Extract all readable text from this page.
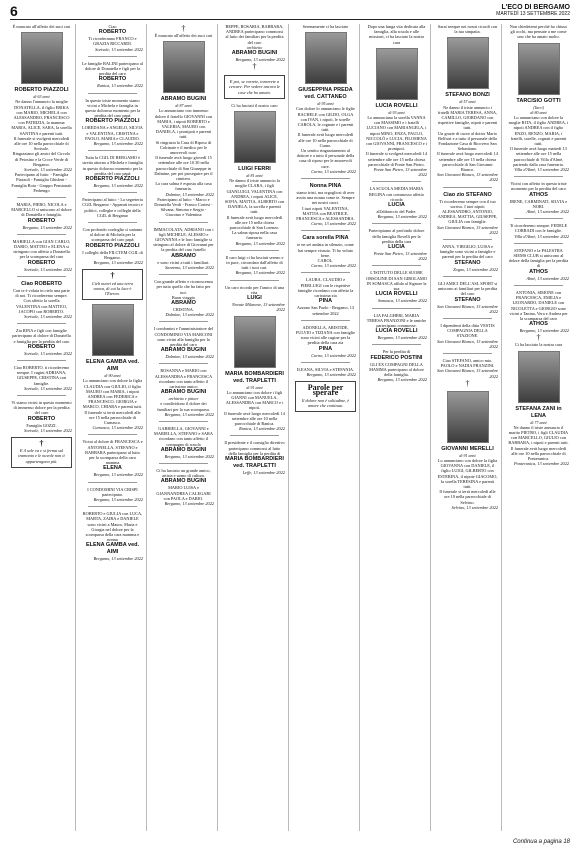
6	L'ECO DI BERGAMO
MARTEDÌ 13 SETTEMBRE 2022

È mancato all'affetto dei suoi cari

ROBERTO PIAZZOLI
di 63 anni

Ne danno l'annuncio la moglie DONATELLA, il figlio ERIKA con MARIO, MICHELA con ALESSANDRO, FRANCESCO con PATRIZIA, la mamma MARIA, ALICE, SARA, la sorella SANTINA e parenti tutti.

Il funerale si svolgerà mercoledì alle ore 10 nella parrocchiale di Sorisole.

Ringraziano gli amici del Circolo di Petosino e la Croce Verde di Bergamo.

Sorisole, 13 settembre 2022

Partecipano al lutto: - Famiglia Piazzoli - Famiglia Ghisleni - Famiglia Rota - Gruppo Pensionati Pedrengo

MARIA, PIERO, NICOLA e MARCELLO si uniscono al dolore di Donatella e famiglia.

ROBERTO

Bergamo, 13 settembre 2022

MARIELLA con GIAN CARLO, DARIO, MATTEO e ELENA si stringono con affetto a Donatella per la scomparsa del caro

ROBERTO

Sorisole, 13 settembre 2022

Ciao ROBERTO

Con te è volata in cielo una parte di noi. Ti ricorderemo sempre.

Con affetto la sorella VALENTINA con MATTEO, JACOPO con ROBERTO.

Sorisole, 13 settembre 2022

Zia RINA e figli con famiglie partecipano al dolore di Donatella e famiglia per la perdita del caro

ROBERTO

Sorisole, 13 settembre 2022

Ciao ROBERTO, ti ricorderemo sempre. I cugini ADRIANA, GIUSEPPE, CRISTINA con famiglie.

Sorisole, 13 settembre 2022

Vi siamo vicini in questo momento di immenso dolore per la perdita del caro

ROBERTO

Famiglia GOZZI.

Sorisole, 13 settembre 2022

†
E il sole va e si ferma sul tramonto e le nuvole non ti appartengono più.

Ciao

ROBERTO

Ti ricorderanno FRANCO e GRAZIA RICCARDI.

Sorisole, 13 settembre 2022

Le famiglie BALINI partecipano al dolore di Donatella e figli per la perdita del caro

ROBERTO

Ranica, 13 settembre 2022

In questo triste momento siamo vicini a Michela e famiglia in questo doloroso momento per la perdita del caro papà

ROBERTO PIAZZOLI

LOREDANA e ANGELO, SILVIA e VALENTINA, CRISTINA e PAOLO, MARIA e CLAUDIO.

Bergamo, 13 settembre 2022

Tutta la CGIL DI BERGAMO è stretta attorno a Michela e famiglia in questo doloroso momento per la perdita del caro papà

ROBERTO PIAZZOLI

Bergamo, 13 settembre 2022

Partecipano al lutto: - La segreteria CGIL Bergamo - Apparati tecnici e politici, colleghe e colleghi della CGIL di Bergamo

Con profondo cordoglio ci uniamo al dolore di Michela per la scomparsa del caro papà

ROBERTO PIAZZOLI

I colleghi della FILCTEM CGIL di Bergamo.

Bergamo, 13 settembre 2022

†
Cieli nuovi ed una terra nuova, di cui la luce è l'Eterno.
ELENA GAMBA ved. AIMI
di 90 anni

Lo annunciano con dolore la figlia CLAUDIA con GIULIO, il figlio MAURO con MARIA, i nipoti ANDREA con FEDERICA e FRANCESCO, GIORGIA e MARCO, CHIARA e parenti tutti.

Il funerale si terrà mercoledì alle ore 15 nella parrocchiale di Curnasco.

Curnasco, 13 settembre 2022

Vicini al dolore di FRANCESCA e ANTONELLA, STEFANO e BARBARA partecipano al lutto per la scomparsa della cara mamma

ELENA

Bergamo, 13 settembre 2022

I CONDOMINI VIA CRISPI partecipano.

Bergamo, 13 settembre 2022

ROBERTO e GIULIA con LUCA, MARTA, ZAIRA e DANIELE sono vicini a Mauro, Maria e Giorgia nel dolore per la scomparsa della cara mamma e nonna

ELENA GAMBA ved. AIMI

Bergamo, 13 settembre 2022

†

È mancato all'affetto dei suoi cari

ABRAMO BUGINI
di 87 anni

Lo annunciano con immenso dolore il fratello GIOVANNI con MARIA, i nipoti ROBERTO e VALERIA, MAURO con DANIELA, i pronipoti e parenti tutti.

Si ringrazia la Casa di Riposo di Calcinate e il medico per le amorevoli cure.

Il funerale avrà luogo giovedì 15 settembre alle ore 10.30 nella parrocchiale di San Giuseppe in Dalmine, per poi proseguire per il cimitero.

La cara salma è esposta alla casa funeraria.

Dalmine, 13 settembre 2022

Partecipano al lutto: - Marco e Donatella Verdi - Franco Cortesi - Silvana, Simona e Sergio - Giacomo e Valentina

IMMACOLATA, ADRIANO con i figli MICHELE, ALESSIO e GIOVANNA e le loro famiglie si stringono al dolore di Giovanni per la perdita del caro fratello

ABRAMO

e sono vicini a tutti i familiari.

Sanremo, 13 settembre 2022

Con grande affetto e riconoscenza per tutto quello che ha fatto per noi.

Buon viaggio

ABRAMO

CRISTINA.

Dalmine, 13 settembre 2022

I condomini e l'amministratore del CONDOMINIO VIA MARCONI sono vicini alla famiglia per la perdita del caro

ABRAMO BUGINI

Dalmine, 13 settembre 2022

ROSANNA e MARIO con ALESSANDRA e FRANCESCA ricordano con tanto affetto il carissimo amico

ABRAMO BUGINI
architetto e pittore

e condividono il dolore dei familiari per la sua scomparsa.

Bergamo, 13 settembre 2022

GABRIELLA, GIOVANNI e MARIELLA, STEFANO e SARA ricordano con tanto affetto il compagno di scuola

ABRAMO BUGINI

Bergamo, 13 settembre 2022

Ci ha lasciato un grande amico, artista e uomo di cultura.

ABRAMO BUGINI

MARIO LUISA e GIANNANDREA CALEGARI con PAOLA e DARIO.

Bergamo, 13 settembre 2022

BEPPE, ROSARIA, BARBARA, ANDREA partecipano commossi al lutto dei familiari per la perdita del caro

architetto
ABRAMO BUGINI

Bergamo, 13 settembre 2022

†
E poi, se vorrete, tornerete a cercare. Per vedere ancora le cose che ho amato.

Ci ha lasciati il nostro caro

LUIGI FERRI
di 81 anni

Ne danno il triste annuncio la moglie CLARA, i figli GIANLUIGI, VALENTINA con ANDREA, i nipoti ALICE, SOFIA, MATTIA, ALBERTO con DANIELA, la sorella e parenti tutti.

Il funerale avrà luogo mercoledì alle ore 15 nella chiesa parrocchiale di San Lorenzo.

La salma riposa nella casa funeraria.

Bergamo, 13 settembre 2022

Il caro luigi ci ha lasciati sereno e in pace, circondato dall'affetto di tutti i suoi cari.

Bergamo, 13 settembre 2022

Un caro ricordo per l'amico di una vita.

LUIGI

Novate Milanese, 13 settembre 2022

MARIA BOMBARDIERI ved. TRAPLETTI
di 91 anni

Lo annunciano con dolore i figli GIANNI con MANUELA, ALESSANDRA con MARCO e i nipoti.

Il funerale avrà luogo mercoledì 14 settembre alle ore 10 nella parrocchiale di Ranica.

Ranica, 13 settembre 2022

Il presidente e il consiglio direttivo partecipano commossi al lutto della famiglia per la perdita di

MARIA BOMBARDIERI ved. TRAPLETTI

Leffe, 13 settembre 2022

Serenamente ci ha lasciato

GIUSEPPINA PREDA ved. CATTANEO
di 95 anni

Con dolore lo annunciano le figlie RACHELE con GILDO, OLGA con IVAN, i nipoti, le sorelle CAROLA, le cognate e i parenti tutti.

Il funerale avrà luogo mercoledì alle ore 10 nella parrocchiale di Curno.

Un sentito ringraziamento al dottore e a tutto il personale della casa di riposo per le amorevoli cure.

Curno, 13 settembre 2022

Nonna PINA

siamo tristi, ma orgogliosi di aver avuto una nonna come te. Sempre nei nostri cuori.

I tuoi nipoti VALENTINA, MATTIA con BEATRICE, FRANCESCA e ALESSANDRA.

Curno, 13 settembre 2022

Cara sorella PINA

te ne sei andata in silenzio, come hai sempre vissuto. Ti ho voluto bene.

CAROL.

Curno, 13 settembre 2022

LAURA, CLAUDIO e PIERLUIGI con le rispettive famiglie ricordano con affetto la carissima zia

PINA

Azzano San Paolo - Bergamo, 13 settembre 2022

ADONELLA, ARISTIDE, FULVIO e TIZIANA con famiglie sono vicini alle cugine per la perdita della cara zia

PINA

Curno, 13 settembre 2022

ILEANA, SILVIA e STEFANIA.

Bergamo, 13 settembre 2022

Parole per sperare
Il dolore non è solitudine, è amore che continua.

Dopo una lunga vita dedicata alla famiglia, alla scuola e alle missioni, ci ha lasciato la nostra cara

LUCIA ROVELLI
di 93 anni

Lo annunciano la sorella VANNA con MASSIMO e i fratelli LUCIANO con MARIANGELA, i nipoti MINO, ENZA, PAULO, NICCOLÒ e LUCIA, FILOMENA con GIOVANNI, FRANCESCO e i pronipoti.

Il funerale si svolgerà mercoledì 14 settembre alle ore 15 nella chiesa parrocchiale di Ponte San Pietro.

Ponte San Pietro, 13 settembre 2022

LA SCUOLA MEDIA MARIA REGINA con commosso affetto ricorda

LUCIA

all'abbraccio del Padre.

Bergamo, 13 settembre 2022

Partecipiamo al profondo dolore della famiglia Rovelli per la perdita della cara

LUCIA

Ponte San Pietro, 13 settembre 2022

L'ISTITUTO DELLE SUORE ORSOLINE DI SAN GIROLAMO IN SOMASCA affida al Signore la sua

LUCIA ROVELLI

Somasca, 13 settembre 2022

LIA FALGHERI, MARIA TERESA FRANZONI e le amiche partecipano commosse.

LUCIA ROVELLI

Bergamo, 13 settembre 2022

Per la perdita di

FEDERICO POSTINI

GLI EX COMPAGNI DELLA MAMMA partecipano al dolore della famiglia.

Bergamo, 13 settembre 2022

Sarai sempre nei nostri ricordi con la tua simpatia.

STEFANO BONZI
di 57 anni

Ne danno il triste annuncio i fratelli MARIA TERESA, ANNA, CAMILLO, GIORDANO con rispettive famiglie, nipoti e parenti tutti.

Un grazie di cuore al dottor Mario Belfiori e a tutto il personale della Fondazione Casa di Ricovero San Sebastiano.

Il funerale avrà luogo mercoledì 14 settembre alle ore 15 nella chiesa parrocchiale di San Giovanni Bianco.

San Giovanni Bianco, 13 settembre 2022

Ciao zio STEFANO

Ti ricorderemo sempre con il tuo sorriso. I tuoi nipoti ALESSANDRO, ANTONIO, ANDREA, MATTIA, GIUSEPPE, GIULIA con famiglie.

San Giovanni Bianco, 13 settembre 2022

ANNA, VIRGILIO, LUISA e famiglie sono vicini a famiglie e parenti per la perdita del caro

STEFANO

Zogno, 13 settembre 2022

GLI AMICI DELL'ASL SPORT si uniscono ai familiari per la perdita del caro

STEFANO

San Giovanni Bianco, 13 settembre 2022

I dipendenti della ditta VESTIS COMPAGNIA DELLA STAZIONE.

San Giovanni Bianco, 13 settembre 2022

Ciao STEFANO, amico mio. PAOLO e NADIA FRANZINI.

San Giovanni Bianco, 13 settembre 2022

†
GIOVANNI MERELLI
di 91 anni

Lo annunciano con dolore la figlia GIOVANNA con DANIELE, il figlio LUIGI, GILBERTO con ESTERINA, il nipote GIACOMO, la sorella TERESINA e parenti tutti.

Il funerale si terrà mercoledì alle ore 10 nella parrocchiale di Selvino.

Selvino, 13 settembre 2022

Non chiedetemi perché ho chiuso gli occhi, ma pensate a me come uno che ha amato molto.

TARCISIO GOTTI
(Tarci)
di 80 anni

Lo annunciano con dolore la moglie RITA, il figlio ANDREA, i nipoti ANDREA con il figlio ENZO, RENZO, MARIA, i fratelli, sorelle, cognati e parenti tutti.

Il funerale avrà luogo martedì 13 settembre alle ore 15 nella parrocchiale di Villa d'Almè, partendo dalla casa funeraria.

Villa d'Almè, 13 settembre 2022

Vicini con affetto in questo triste momento per la perdita del caro

ATHOS

IRENE, CARMINATI, SILVIA e NORI.

Almè, 13 settembre 2022

Ti ricorderemo sempre. FEDELE CORRADI con le famiglie.

Villa d'Almè, 13 settembre 2022

STEFANO e la PALESTRA SIEMS CLUB si uniscono al dolore della famiglia per la perdita di

ATHOS

Almè, 13 settembre 2022

ANTONIA, SIMONE con FRANCESCA, EMILIA e LEONARDO, DANIELE con NICOLETTA e GIORGIO sono vicini a Tanina, Vera e Andrea per la scomparsa del caro

ATHOS

Bergamo, 13 settembre 2022

†

Ci ha lasciato la nostra cara

STEFANA ZANI in LENA
di 77 anni

Ne danno il triste annuncio il marito PIETRO, i figli CLAUDIA con MARCELLO, GIULIO con BARBARA, i nipoti e parenti tutti.

Il funerale avrà luogo mercoledì alle ore 10 nella parrocchiale di Ponteranica.

Ponteranica, 13 settembre 2022

Continua a pagina 18
